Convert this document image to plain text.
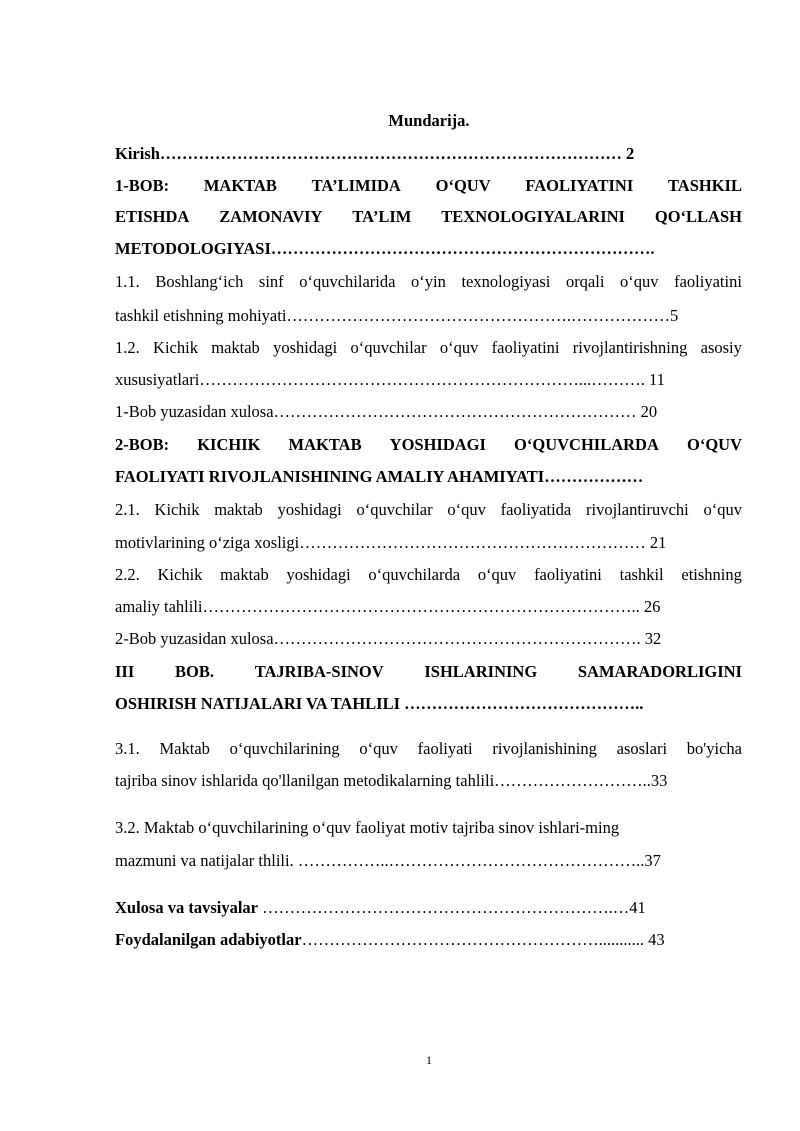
Mundarija.
Kirish………………………………………………………………………… 2
1-BOB: MAKTAB TA’LIMIDA O‘QUV FAOLIYATINI TASHKIL
ETISHDA ZAMONAVIY TA’LIM TEXNOLOGIYALARINI QO‘LLASH
METODOLOGIYASI…………………………………………………………….
1.1. Boshlang‘ich sinf o‘quvchilarida o‘yin texnologiyasi orqali o‘quv faoliyatini
tashkil etishning mohiyati…………………………………………….………………5
1.2. Kichik maktab yoshidagi o‘quvchilar o‘quv faoliyatini rivojlantirishning asosiy
xususiyatlari……………………………………………………………...………. 11
1-Bob yuzasidan xulosa………………………………………………………… 20
2-BOB: KICHIK MAKTAB YOSHIDAGI O‘QUVCHILARDA O‘QUV
FAOLIYATI RIVOJLANISHINING AMALIY AHAMIYATI………………
2.1. Kichik maktab yoshidagi o‘quvchilar o‘quv faoliyatida rivojlantiruvchi o‘quv
motivlarining o‘ziga xosligi……………………………………………………… 21
2.2. Kichik maktab yoshidagi o‘quvchilarda o‘quv faoliyatini tashkil etishning
amaliy tahlili…………………………………………………………………….. 26
2-Bob yuzasidan xulosa…………………………………………………………. 32
III BOB. TAJRIBA-SINOV ISHLARINING SAMARADORLIGINI
OSHIRISH NATIJALARI VA TAHLILI ……………………………………..
3.1. Maktab o‘quvchilarining o‘quv faoliyati rivojlanishining asoslari bo'yicha
tajriba sinov ishlarida qo'llanilgan metodikalarning tahlili………………………..33
3.2. Maktab o‘quvchilarining o‘quv faoliyat motiv tajriba sinov ishlari-ming
mazmuni va natijalar thlili. ……………..………………………………………..37
Xulosa va tavsiyalar ……………………………………………………….…41
Foydalanilgan adabiyotlar………………………………………………........... 43
1
